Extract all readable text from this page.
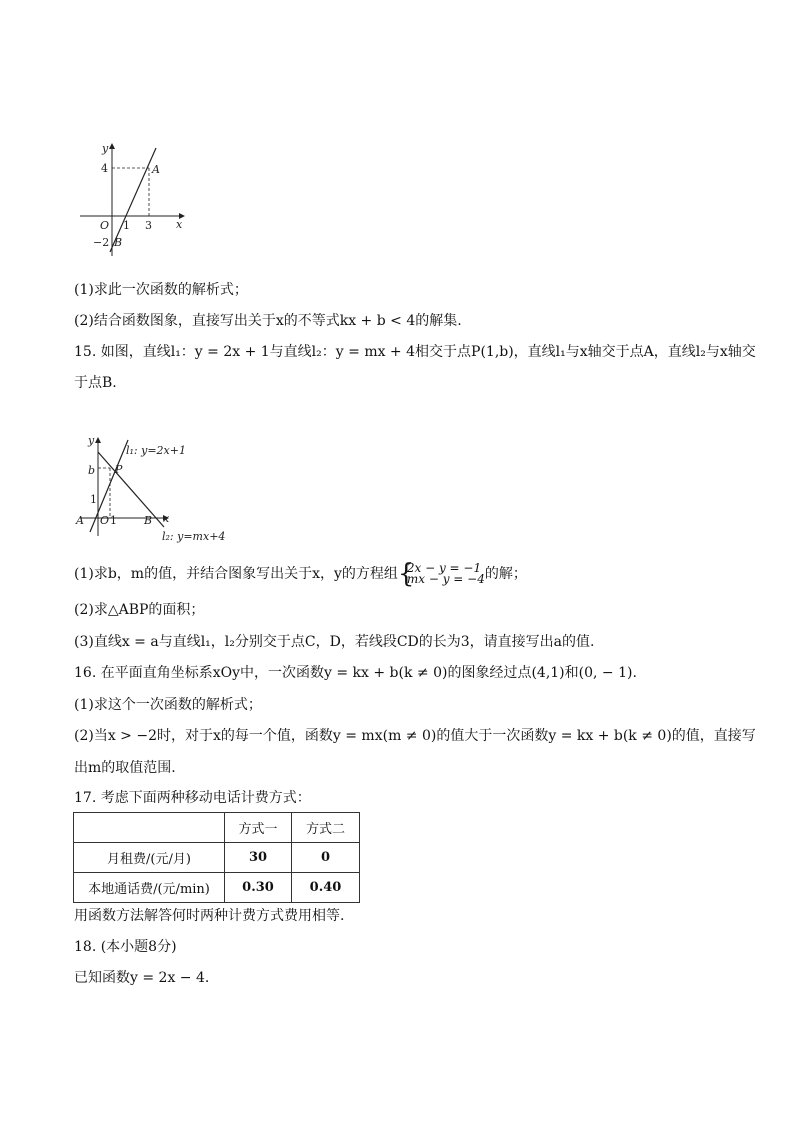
y
x
4
O 1 3
−2
A
B
(1)求此一次函数的解析式；
(2)结合函数图象，直接写出关于x的不等式kx + b < 4的解集.
15. 如图，直线l₁：y = 2x + 1与直线l₂：y = mx + 4相交于点P(1,b)，直线l₁与x轴交于点A，直线l₂与x轴交
于点B.
y
l₁: y=2x+1
P
b
1
A O 1 B x
l₂: y=mx+4
(1)求b，m的值，并结合图象写出关于x，y的方程组 {
2x − y = −1
mx − y = −4 的解；
(2)求△ABP的面积；
(3)直线x = a与直线l₁，l₂分别交于点C，D，若线段CD的长为3，请直接写出a的值.
16. 在平面直角坐标系xOy中，一次函数y = kx + b(k ≠ 0)的图象经过点(4,1)和(0, − 1).
(1)求这个一次函数的解析式；
(2)当x > −2时，对于x的每一个值，函数y = mx(m ≠ 0)的值大于一次函数y = kx + b(k ≠ 0)的值，直接写
出m的取值范围.
17. 考虑下面两种移动电话计费方式：
	方式一	方式二
月租费/(元/月)	30	0
本地通话费/(元/min)	0.30	0.40
用函数方法解答何时两种计费方式费用相等.
18. (本小题8分)
已知函数y = 2x − 4.
